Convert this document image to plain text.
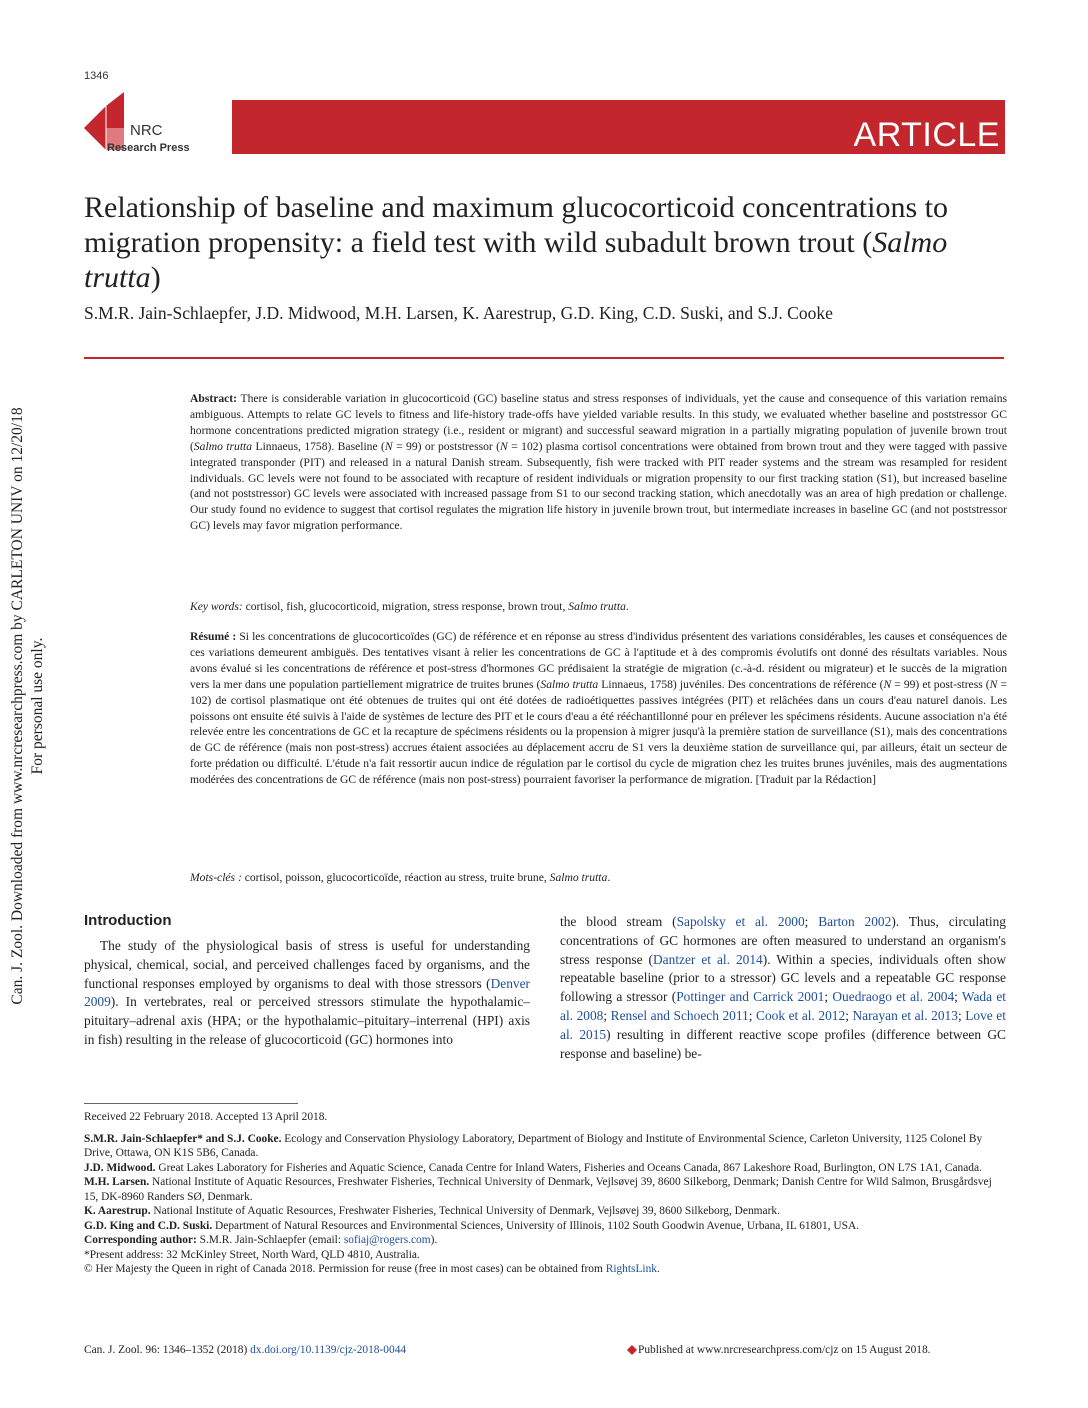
1346
NRC
Research Press	ARTICLE
Can. J. Zool. Downloaded from www.nrcresearchpress.com by CARLETON UNIV on 12/20/18 For personal use only.
Relationship of baseline and maximum glucocorticoid concentrations to migration propensity: a field test with wild subadult brown trout (Salmo trutta)
S.M.R. Jain-Schlaepfer, J.D. Midwood, M.H. Larsen, K. Aarestrup, G.D. King, C.D. Suski, and S.J. Cooke
Abstract: There is considerable variation in glucocorticoid (GC) baseline status and stress responses of individuals, yet the cause and consequence of this variation remains ambiguous. Attempts to relate GC levels to fitness and life-history trade-offs have yielded variable results. In this study, we evaluated whether baseline and poststressor GC hormone concentrations predicted migration strategy (i.e., resident or migrant) and successful seaward migration in a partially migrating population of juvenile brown trout (Salmo trutta Linnaeus, 1758). Baseline (N = 99) or poststressor (N = 102) plasma cortisol concentrations were obtained from brown trout and they were tagged with passive integrated transponder (PIT) and released in a natural Danish stream. Subsequently, fish were tracked with PIT reader systems and the stream was resampled for resident individuals. GC levels were not found to be associated with recapture of resident individuals or migration propensity to our first tracking station (S1), but increased baseline (and not poststressor) GC levels were associated with increased passage from S1 to our second tracking station, which anecdotally was an area of high predation or challenge. Our study found no evidence to suggest that cortisol regulates the migration life history in juvenile brown trout, but intermediate increases in baseline GC (and not poststressor GC) levels may favor migration performance.
Key words: cortisol, fish, glucocorticoid, migration, stress response, brown trout, Salmo trutta.
Résumé : Si les concentrations de glucocorticoïdes (GC) de référence et en réponse au stress d'individus présentent des variations considérables, les causes et conséquences de ces variations demeurent ambiguës. Des tentatives visant à relier les concentrations de GC à l'aptitude et à des compromis évolutifs ont donné des résultats variables. Nous avons évalué si les concentrations de référence et post-stress d'hormones GC prédisaient la stratégie de migration (c.-à-d. résident ou migrateur) et le succès de la migration vers la mer dans une population partiellement migratrice de truites brunes (Salmo trutta Linnaeus, 1758) juvéniles. Des concentrations de référence (N = 99) et post-stress (N = 102) de cortisol plasmatique ont été obtenues de truites qui ont été dotées de radioétiquettes passives intégrées (PIT) et relâchées dans un cours d'eau naturel danois. Les poissons ont ensuite été suivis à l'aide de systèmes de lecture des PIT et le cours d'eau a été rééchantillonné pour en prélever les spécimens résidents. Aucune association n'a été relevée entre les concentrations de GC et la recapture de spécimens résidents ou la propension à migrer jusqu'à la première station de surveillance (S1), mais des concentrations de GC de référence (mais non post-stress) accrues étaient associées au déplacement accru de S1 vers la deuxième station de surveillance qui, par ailleurs, était un secteur de forte prédation ou difficulté. L'étude n'a fait ressortir aucun indice de régulation par le cortisol du cycle de migration chez les truites brunes juvéniles, mais des augmentations modérées des concentrations de GC de référence (mais non post-stress) pourraient favoriser la performance de migration. [Traduit par la Rédaction]
Mots-clés : cortisol, poisson, glucocorticoïde, réaction au stress, truite brune, Salmo trutta.
Introduction
The study of the physiological basis of stress is useful for understanding physical, chemical, social, and perceived challenges faced by organisms, and the functional responses employed by organisms to deal with those stressors (Denver 2009). In vertebrates, real or perceived stressors stimulate the hypothalamic–pituitary–adrenal axis (HPA; or the hypothalamic–pituitary–interrenal (HPI) axis in fish) resulting in the release of glucocorticoid (GC) hormones into
the blood stream (Sapolsky et al. 2000; Barton 2002). Thus, circulating concentrations of GC hormones are often measured to understand an organism's stress response (Dantzer et al. 2014). Within a species, individuals often show repeatable baseline (prior to a stressor) GC levels and a repeatable GC response following a stressor (Pottinger and Carrick 2001; Ouedraogo et al. 2004; Wada et al. 2008; Rensel and Schoech 2011; Cook et al. 2012; Narayan et al. 2013; Love et al. 2015) resulting in different reactive scope profiles (difference between GC response and baseline) be-
Received 22 February 2018. Accepted 13 April 2018.
S.M.R. Jain-Schlaepfer* and S.J. Cooke. Ecology and Conservation Physiology Laboratory, Department of Biology and Institute of Environmental Science, Carleton University, 1125 Colonel By Drive, Ottawa, ON K1S 5B6, Canada.
J.D. Midwood. Great Lakes Laboratory for Fisheries and Aquatic Science, Canada Centre for Inland Waters, Fisheries and Oceans Canada, 867 Lakeshore Road, Burlington, ON L7S 1A1, Canada.
M.H. Larsen. National Institute of Aquatic Resources, Freshwater Fisheries, Technical University of Denmark, Vejlsøvej 39, 8600 Silkeborg, Denmark; Danish Centre for Wild Salmon, Brusgårdsvej 15, DK-8960 Randers SØ, Denmark.
K. Aarestrup. National Institute of Aquatic Resources, Freshwater Fisheries, Technical University of Denmark, Vejlsøvej 39, 8600 Silkeborg, Denmark.
G.D. King and C.D. Suski. Department of Natural Resources and Environmental Sciences, University of Illinois, 1102 South Goodwin Avenue, Urbana, IL 61801, USA.
Corresponding author: S.M.R. Jain-Schlaepfer (email: sofiaj@rogers.com).
*Present address: 32 McKinley Street, North Ward, QLD 4810, Australia.
© Her Majesty the Queen in right of Canada 2018. Permission for reuse (free in most cases) can be obtained from RightsLink.
Can. J. Zool. 96: 1346–1352 (2018) dx.doi.org/10.1139/cjz-2018-0044	Published at www.nrcresearchpress.com/cjz on 15 August 2018.
